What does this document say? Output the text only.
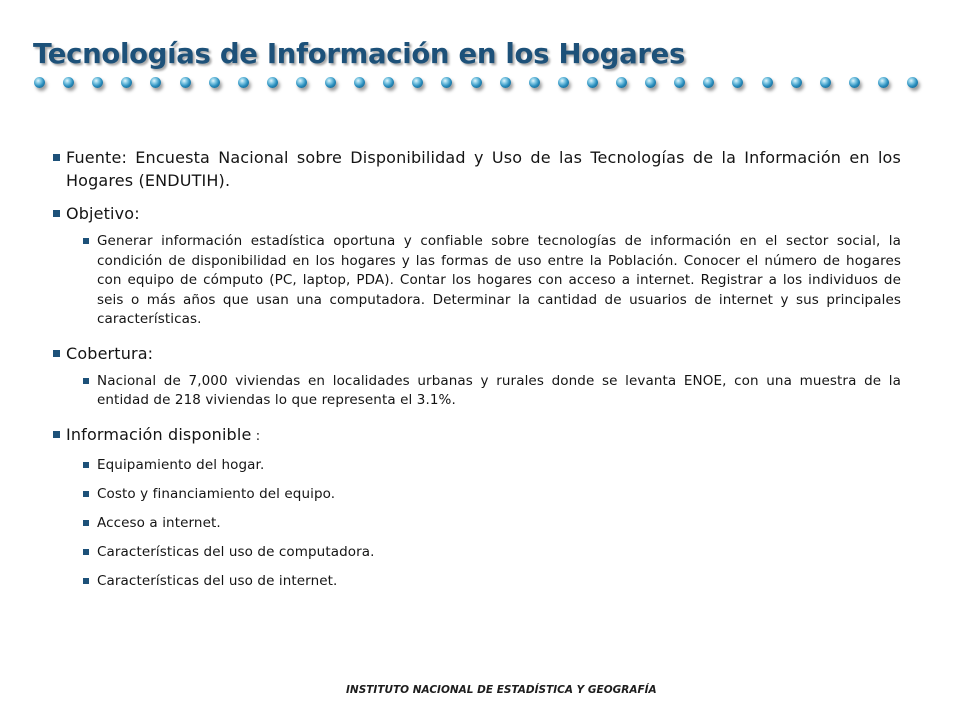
Tecnologías de Información en los Hogares
Fuente: Encuesta Nacional sobre Disponibilidad y Uso de las Tecnologías de la Información en los Hogares (ENDUTIH).
Objetivo:
Generar información estadística oportuna y confiable sobre tecnologías de información en el sector social, la condición de disponibilidad en los hogares y las formas de uso entre la Población. Conocer el número de hogares con equipo de cómputo (PC, laptop, PDA). Contar los hogares con acceso a internet. Registrar a los individuos de seis o más años que usan una computadora. Determinar la cantidad de usuarios de internet y sus principales características.
Cobertura:
Nacional de 7,000 viviendas en localidades urbanas y rurales donde se levanta ENOE, con una muestra de la entidad de 218 viviendas lo que representa el 3.1%.
Información disponible :
Equipamiento del hogar.
Costo y financiamiento del equipo.
Acceso a internet.
Características del uso de computadora.
Características del uso de internet.
INSTITUTO NACIONAL DE ESTADÍSTICA Y GEOGRAFÍA
